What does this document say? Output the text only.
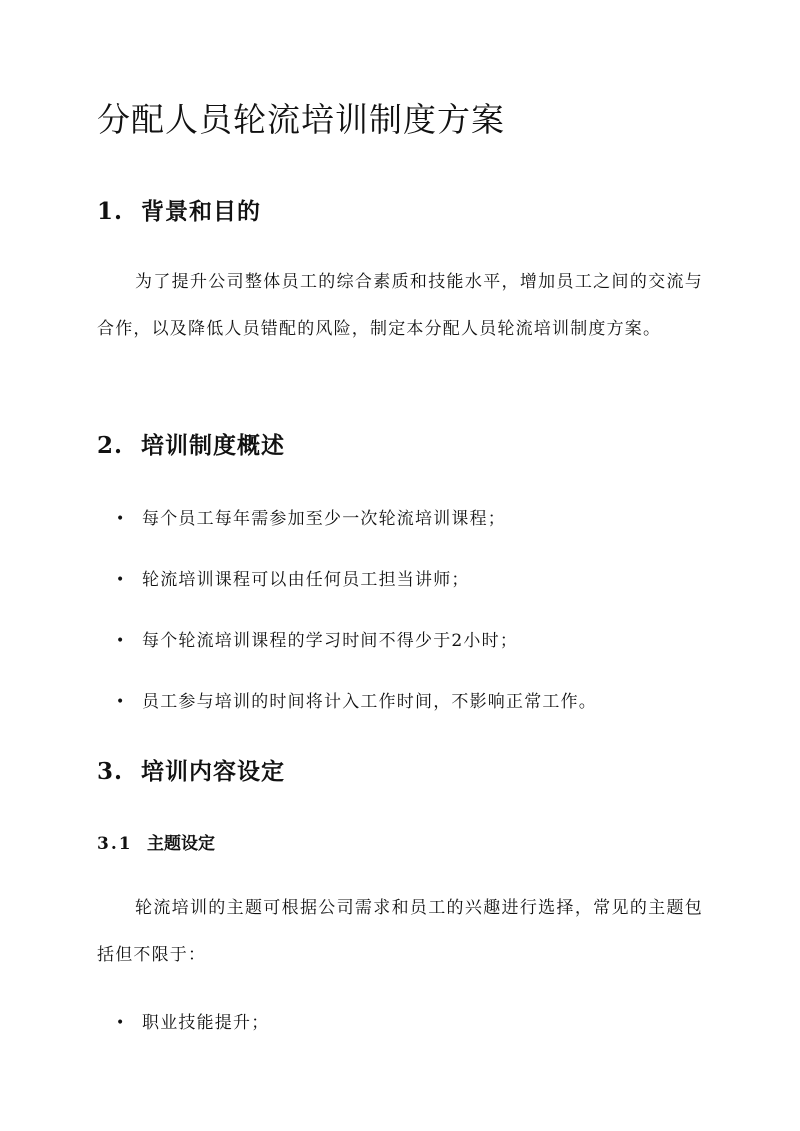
分配人员轮流培训制度方案
1. 背景和目的

为了提升公司整体员工的综合素质和技能水平，增加员工之间的交流与合作，以及降低人员错配的风险，制定本分配人员轮流培训制度方案。

2. 培训制度概述

• 每个员工每年需参加至少一次轮流培训课程；

• 轮流培训课程可以由任何员工担当讲师；

• 每个轮流培训课程的学习时间不得少于2小时；

• 员工参与培训的时间将计入工作时间，不影响正常工作。

3. 培训内容设定
3.1 主题设定

轮流培训的主题可根据公司需求和员工的兴趣进行选择，常见的主题包括但不限于：

• 职业技能提升；
